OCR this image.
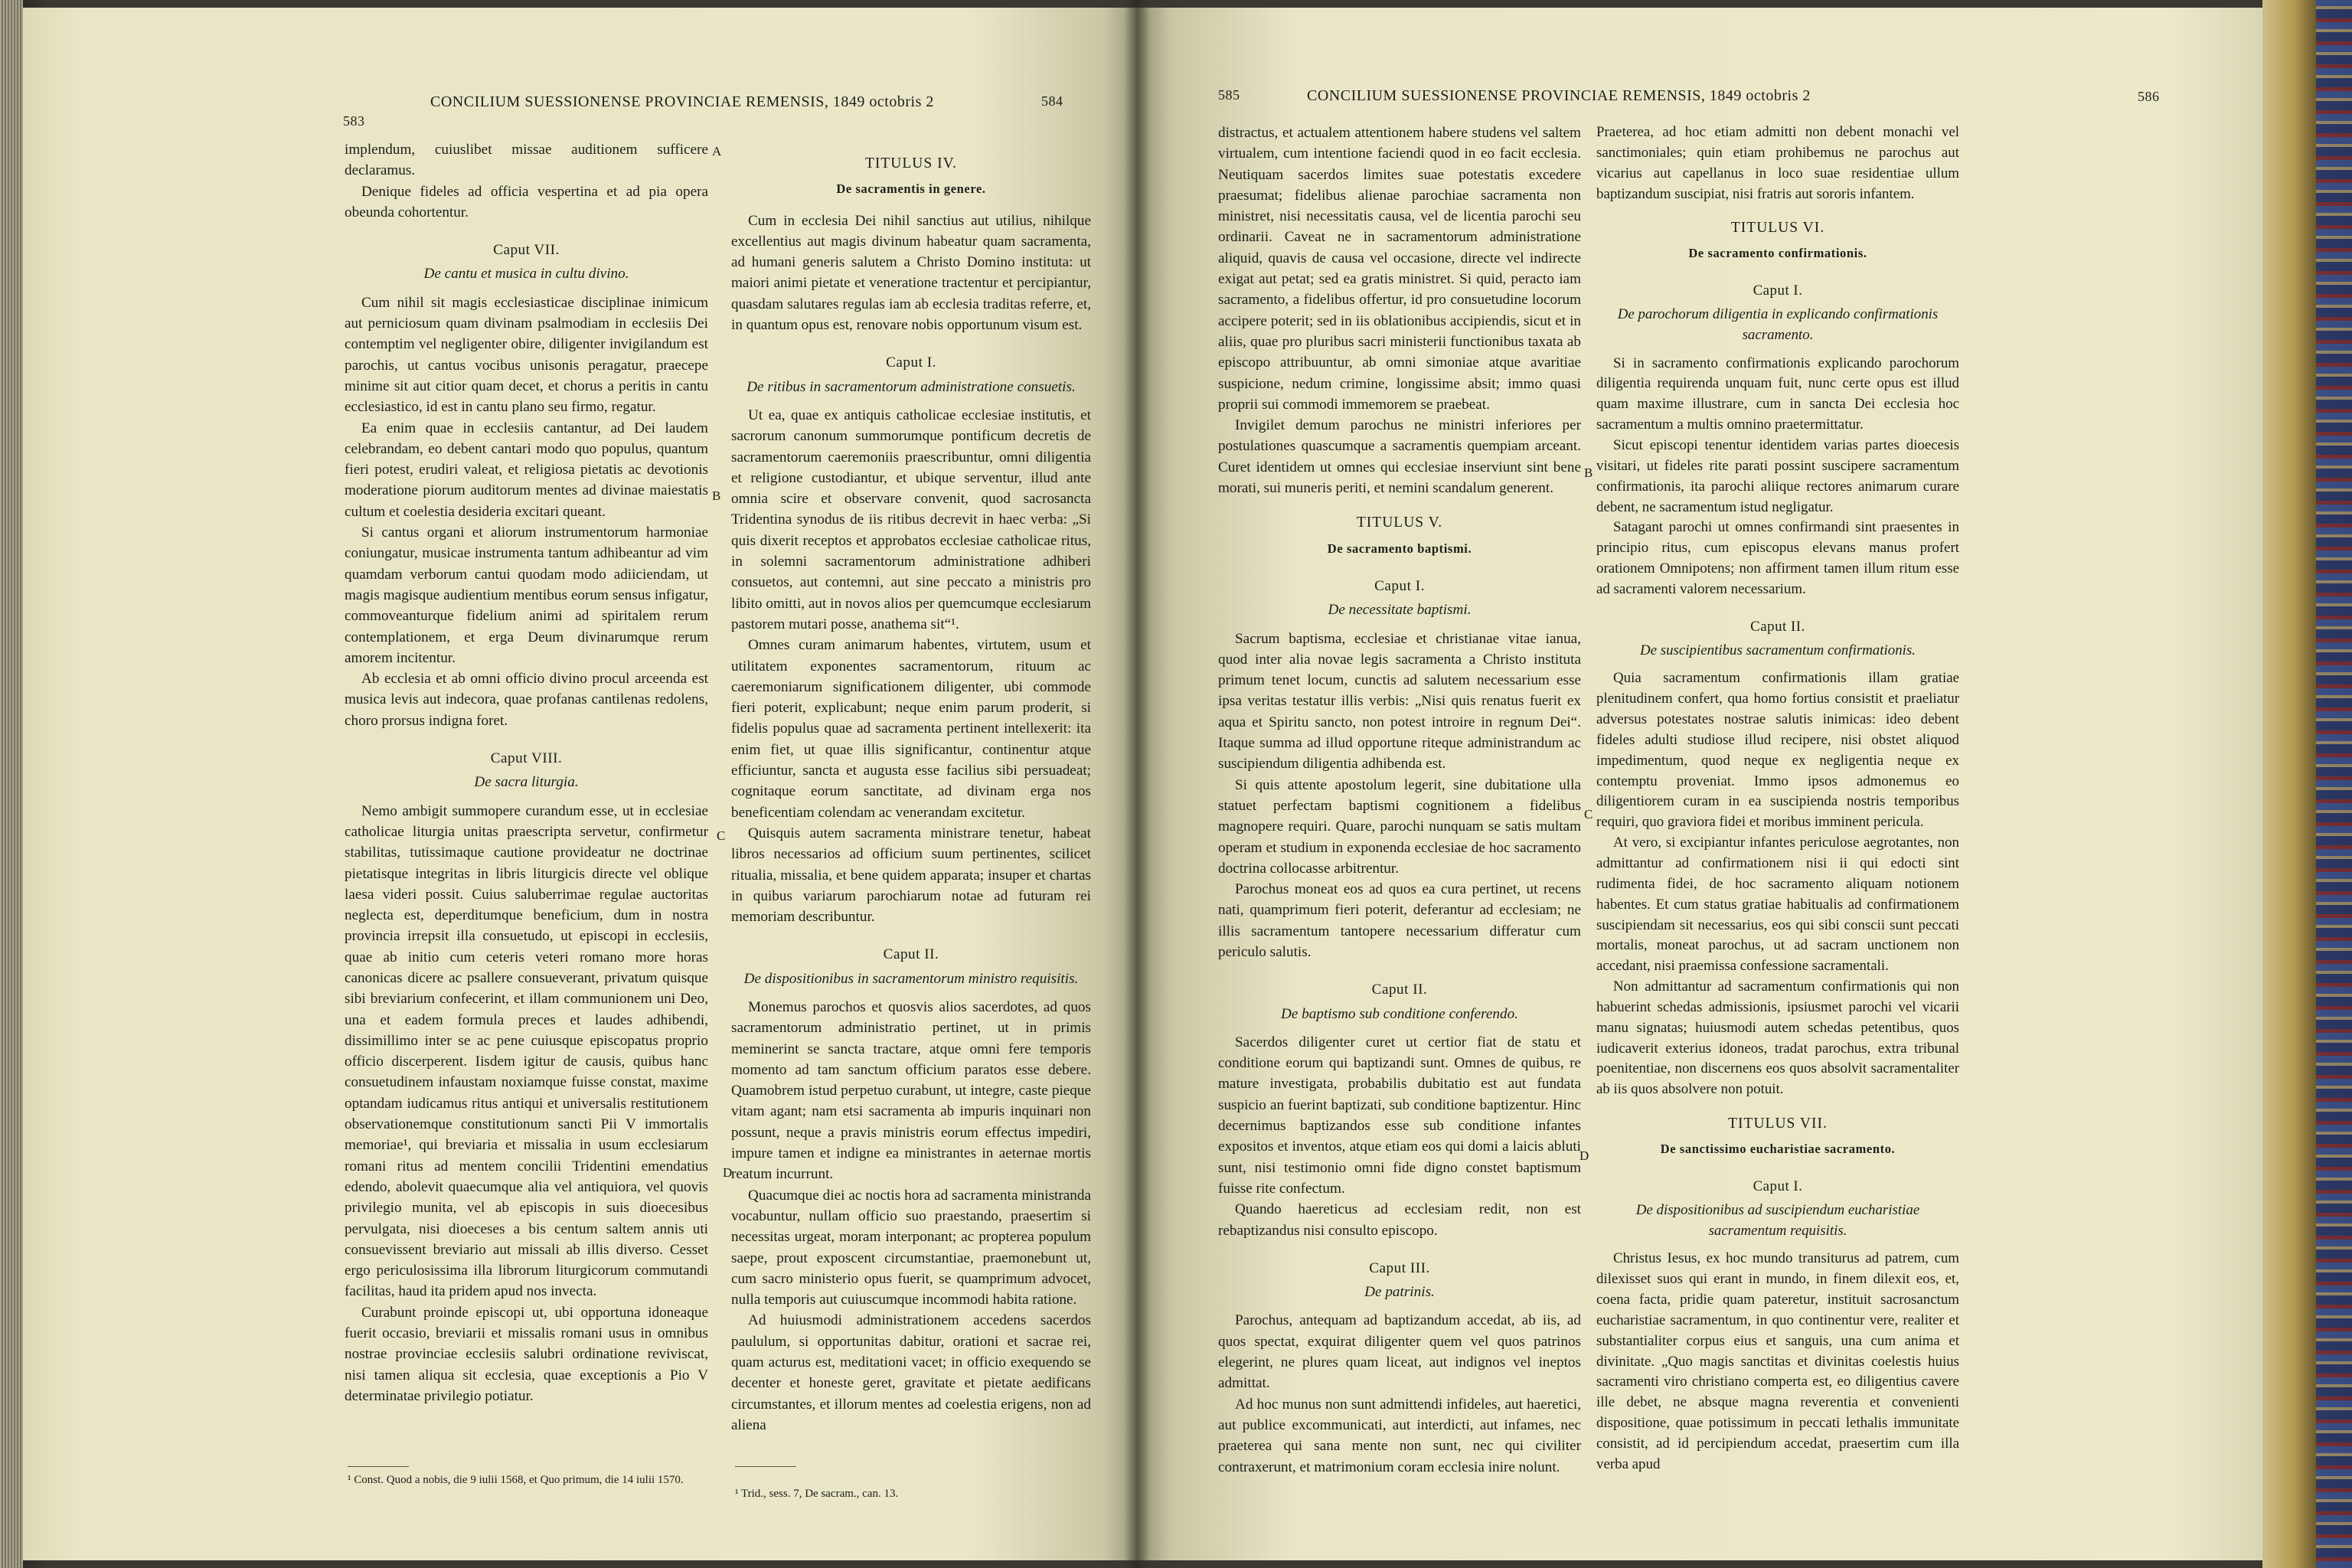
583
CONCILIUM SUESSIONENSE PROVINCIAE REMENSIS, 1849 octobris 2	584

implendum, cuiuslibet missae auditionem sufficere declaramus.

Denique fideles ad officia vespertina et ad pia opera obeunda cohortentur.

Caput VII.

De cantu et musica in cultu divino.

Cum nihil sit magis ecclesiasticae disciplinae inimicum aut perniciosum quam divinam psalmodiam in ecclesiis Dei contemptim vel negligenter obire, diligenter invigilandum est parochis, ut cantus vocibus unisonis peragatur, praecepe minime sit aut citior quam decet, et chorus a peritis in cantu ecclesiastico, id est in cantu plano seu firmo, regatur.

Ea enim quae in ecclesiis cantantur, ad Dei laudem celebrandam, eo debent cantari modo quo populus, quantum fieri potest, erudiri valeat, et religiosa pietatis ac devotionis moderatione piorum auditorum mentes ad divinae maiestatis cultum et coelestia desideria excitari queant.

Si cantus organi et aliorum instrumentorum harmoniae coniungatur, musicae instrumenta tantum adhibeantur ad vim quamdam verborum cantui quodam modo adiiciendam, ut magis magisque audientium mentibus eorum sensus infigatur, commoveanturque fidelium animi ad spiritalem rerum contemplationem, et erga Deum divinarumque rerum amorem incitentur.

Ab ecclesia et ab omni officio divino procul arceenda est musica levis aut indecora, quae profanas cantilenas redolens, choro prorsus indigna foret.

Caput VIII.

De sacra liturgia.

Nemo ambigit summopere curandum esse, ut in ecclesiae catholicae liturgia unitas praescripta servetur, confirmetur stabilitas, tutissimaque cautione provideatur ne doctrinae pietatisque integritas in libris liturgicis directe vel oblique laesa videri possit. Cuius saluberrimae regulae auctoritas neglecta est, deperditumque beneficium, dum in nostra provincia irrepsit illa consuetudo, ut episcopi in ecclesiis, quae ab initio cum ceteris veteri romano more horas canonicas dicere ac psallere consueverant, privatum quisque sibi breviarium confecerint, et illam communionem uni Deo, una et eadem formula preces et laudes adhibendi, dissimillimo inter se ac pene cuiusque episcopatus proprio officio discerperent. Iisdem igitur de causis, quibus hanc consuetudinem infaustam noxiamque fuisse constat, maxime optandam iudicamus ritus antiqui et universalis restitutionem observationemque constitutionum sancti Pii V immortalis memoriae¹, qui breviaria et missalia in usum ecclesiarum romani ritus ad mentem concilii Tridentini emendatius edendo, abolevit quaecumque alia vel antiquiora, vel quovis privilegio munita, vel ab episcopis in suis dioecesibus pervulgata, nisi dioeceses a bis centum saltem annis uti consuevissent breviario aut missali ab illis diverso. Cesset ergo periculosissima illa librorum liturgicorum commutandi facilitas, haud ita pridem apud nos invecta.

Curabunt proinde episcopi ut, ubi opportuna idoneaque fuerit occasio, breviarii et missalis romani usus in omnibus nostrae provinciae ecclesiis salubri ordinatione reviviscat, nisi tamen aliqua sit ecclesia, quae exceptionis a Pio V determinatae privilegio potiatur.

TITULUS IV.

De sacramentis in genere.

Cum in ecclesia Dei nihil sanctius aut utilius, nihilque excellentius aut magis divinum habeatur quam sacramenta, ad humani generis salutem a Christo Domino instituta: ut maiori animi pietate et veneratione tractentur et percipiantur, quasdam salutares regulas iam ab ecclesia traditas referre, et, in quantum opus est, renovare nobis opportunum visum est.

Caput I.

De ritibus in sacramentorum administratione consuetis.

Ut ea, quae ex antiquis catholicae ecclesiae institutis, et sacrorum canonum summorumque pontificum decretis de sacramentorum caeremoniis praescribuntur, omni diligentia et religione custodiantur, et ubique serventur, illud ante omnia scire et observare convenit, quod sacrosancta Tridentina synodus de iis ritibus decrevit in haec verba: „Si quis dixerit receptos et approbatos ecclesiae catholicae ritus, in solemni sacramentorum administratione adhiberi consuetos, aut contemni, aut sine peccato a ministris pro libito omitti, aut in novos alios per quemcumque ecclesiarum pastorem mutari posse, anathema sit“¹.

Omnes curam animarum habentes, virtutem, usum et utilitatem exponentes sacramentorum, rituum ac caeremoniarum significationem diligenter, ubi commode fieri poterit, explicabunt; neque enim parum proderit, si fidelis populus quae ad sacramenta pertinent intellexerit: ita enim fiet, ut quae illis significantur, continentur atque efficiuntur, sancta et augusta esse facilius sibi persuadeat; cognitaque eorum sanctitate, ad divinam erga nos beneficentiam colendam ac venerandam excitetur.

Quisquis autem sacramenta ministrare tenetur, habeat libros necessarios ad officium suum pertinentes, scilicet ritualia, missalia, et bene quidem apparata; insuper et chartas in quibus variarum parochiarum notae ad futuram rei memoriam describuntur.

Caput II.

De dispositionibus in sacramentorum ministro requisitis.

Monemus parochos et quosvis alios sacerdotes, ad quos sacramentorum administratio pertinet, ut in primis meminerint se sancta tractare, atque omni fere temporis momento ad tam sanctum officium paratos esse debere. Quamobrem istud perpetuo curabunt, ut integre, caste pieque vitam agant; nam etsi sacramenta ab impuris inquinari non possunt, neque a pravis ministris eorum effectus impediri, impure tamen et indigne ea ministrantes in aeternae mortis reatum incurrunt.

Quacumque diei ac noctis hora ad sacramenta ministranda vocabuntur, nullam officio suo praestando, praesertim si necessitas urgeat, moram interponant; ac propterea populum saepe, prout exposcent circumstantiae, praemonebunt ut, cum sacro ministerio opus fuerit, se quamprimum advocet, nulla temporis aut cuiuscumque incommodi habita ratione.

Ad huiusmodi administrationem accedens sacerdos paululum, si opportunitas dabitur, orationi et sacrae rei, quam acturus est, meditationi vacet; in officio exequendo se decenter et honeste geret, gravitate et pietate aedificans circumstantes, et illorum mentes ad coelestia erigens, non ad aliena

A
B
C
D
¹ Const. Quod a nobis, die 9 iulii 1568, et Quo primum, die 14 iulii 1570.
¹ Trid., sess. 7, De sacram., can. 13.
585	CONCILIUM SUESSIONENSE PROVINCIAE REMENSIS, 1849 octobris 2	586

distractus, et actualem attentionem habere studens vel saltem virtualem, cum intentione faciendi quod in eo facit ecclesia. Neutiquam sacerdos limites suae potestatis excedere praesumat; fidelibus alienae parochiae sacramenta non ministret, nisi necessitatis causa, vel de licentia parochi seu ordinarii. Caveat ne in sacramentorum administratione aliquid, quavis de causa vel occasione, directe vel indirecte exigat aut petat; sed ea gratis ministret. Si quid, peracto iam sacramento, a fidelibus offertur, id pro consuetudine locorum accipere poterit; sed in iis oblationibus accipiendis, sicut et in aliis, quae pro pluribus sacri ministerii functionibus taxata ab episcopo attribuuntur, ab omni simoniae atque avaritiae suspicione, nedum crimine, longissime absit; immo quasi proprii sui commodi immemorem se praebeat.

Invigilet demum parochus ne ministri inferiores per postulationes quascumque a sacramentis quempiam arceant. Curet identidem ut omnes qui ecclesiae inserviunt sint bene morati, sui muneris periti, et nemini scandalum generent.

TITULUS V.

De sacramento baptismi.

Caput I.

De necessitate baptismi.

Sacrum baptisma, ecclesiae et christianae vitae ianua, quod inter alia novae legis sacramenta a Christo instituta primum tenet locum, cunctis ad salutem necessarium esse ipsa veritas testatur illis verbis: „Nisi quis renatus fuerit ex aqua et Spiritu sancto, non potest introire in regnum Dei“. Itaque summa ad illud opportune riteque administrandum ac suscipiendum diligentia adhibenda est.

Si quis attente apostolum legerit, sine dubitatione ulla statuet perfectam baptismi cognitionem a fidelibus magnopere requiri. Quare, parochi nunquam se satis multam operam et studium in exponenda ecclesiae de hoc sacramento doctrina collocasse arbitrentur.

Parochus moneat eos ad quos ea cura pertinet, ut recens nati, quamprimum fieri poterit, deferantur ad ecclesiam; ne illis sacramentum tantopere necessarium differatur cum periculo salutis.

Caput II.

De baptismo sub conditione conferendo.

Sacerdos diligenter curet ut certior fiat de statu et conditione eorum qui baptizandi sunt. Omnes de quibus, re mature investigata, probabilis dubitatio est aut fundata suspicio an fuerint baptizati, sub conditione baptizentur. Hinc decernimus baptizandos esse sub conditione infantes expositos et inventos, atque etiam eos qui domi a laicis abluti sunt, nisi testimonio omni fide digno constet baptismum fuisse rite confectum.

Quando haereticus ad ecclesiam redit, non est rebaptizandus nisi consulto episcopo.

Caput III.

De patrinis.

Parochus, antequam ad baptizandum accedat, ab iis, ad quos spectat, exquirat diligenter quem vel quos patrinos elegerint, ne plures quam liceat, aut indignos vel ineptos admittat.

Ad hoc munus non sunt admittendi infideles, aut haeretici, aut publice excommunicati, aut interdicti, aut infames, nec praeterea qui sana mente non sunt, nec qui civiliter contraxerunt, et matrimonium coram ecclesia inire nolunt.

Praeterea, ad hoc etiam admitti non debent monachi vel sanctimoniales; quin etiam prohibemus ne parochus aut vicarius aut capellanus in loco suae residentiae ullum baptizandum suscipiat, nisi fratris aut sororis infantem.

TITULUS VI.

De sacramento confirmationis.

Caput I.

De parochorum diligentia in explicando confirmationis sacramento.

Si in sacramento confirmationis explicando parochorum diligentia requirenda unquam fuit, nunc certe opus est illud quam maxime illustrare, cum in sancta Dei ecclesia hoc sacramentum a multis omnino praetermittatur.

Sicut episcopi tenentur identidem varias partes dioecesis visitari, ut fideles rite parati possint suscipere sacramentum confirmationis, ita parochi aliique rectores animarum curare debent, ne sacramentum istud negligatur.

Satagant parochi ut omnes confirmandi sint praesentes in principio ritus, cum episcopus elevans manus profert orationem Omnipotens; non affirment tamen illum ritum esse ad sacramenti valorem necessarium.

Caput II.

De suscipientibus sacramentum confirmationis.

Quia sacramentum confirmationis illam gratiae plenitudinem confert, qua homo fortius consistit et praeliatur adversus potestates nostrae salutis inimicas: ideo debent fideles adulti studiose illud recipere, nisi obstet aliquod impedimentum, quod neque ex negligentia neque ex contemptu proveniat. Immo ipsos admonemus eo diligentiorem curam in ea suscipienda nostris temporibus requiri, quo graviora fidei et moribus imminent pericula.

At vero, si excipiantur infantes periculose aegrotantes, non admittantur ad confirmationem nisi ii qui edocti sint rudimenta fidei, de hoc sacramento aliquam notionem habentes. Et cum status gratiae habitualis ad confirmationem suscipiendam sit necessarius, eos qui sibi conscii sunt peccati mortalis, moneat parochus, ut ad sacram unctionem non accedant, nisi praemissa confessione sacramentali.

Non admittantur ad sacramentum confirmationis qui non habuerint schedas admissionis, ipsiusmet parochi vel vicarii manu signatas; huiusmodi autem schedas petentibus, quos iudicaverit exterius idoneos, tradat parochus, extra tribunal poenitentiae, non discernens eos quos absolvit sacramentaliter ab iis quos absolvere non potuit.

TITULUS VII.

De sanctissimo eucharistiae sacramento.

Caput I.

De dispositionibus ad suscipiendum eucharistiae sacramentum requisitis.

Christus Iesus, ex hoc mundo transiturus ad patrem, cum dilexisset suos qui erant in mundo, in finem dilexit eos, et, coena facta, pridie quam pateretur, instituit sacrosanctum eucharistiae sacramentum, in quo continentur vere, realiter et substantialiter corpus eius et sanguis, una cum anima et divinitate. „Quo magis sanctitas et divinitas coelestis huius sacramenti viro christiano comperta est, eo diligentius cavere ille debet, ne absque magna reverentia et convenienti dispositione, quae potissimum in peccati lethalis immunitate consistit, ad id percipiendum accedat, praesertim cum illa verba apud

B
C
D
